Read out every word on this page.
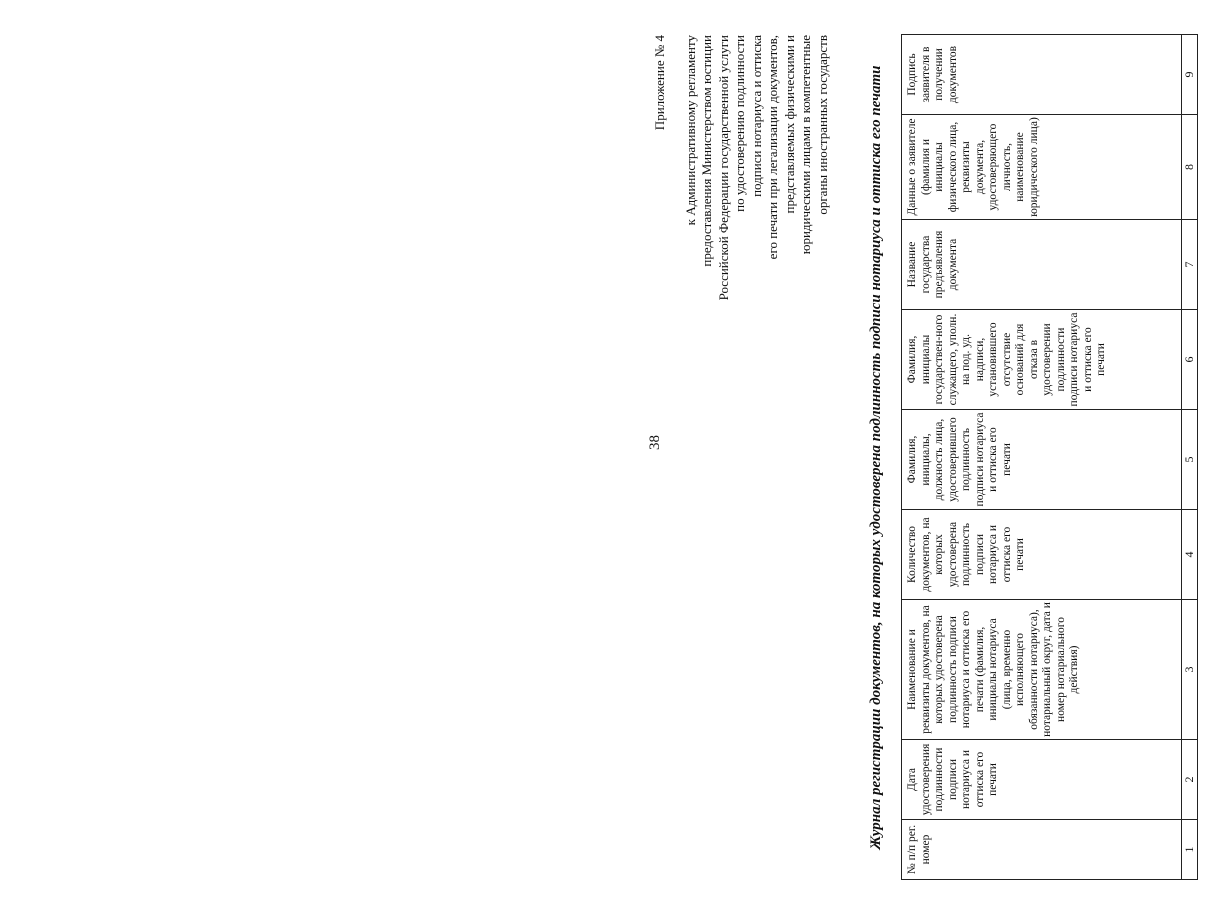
38
Приложение № 4 к Административному регламенту предоставления Министерством юстиции Российской Федерации государственной услуги по удостоверению подлинности подписи нотариуса и оттиска его печати при легализации документов, представляемых физическими и юридическими лицами в компетентные органы иностранных государств	Журнал регистрации документов, на которых удостоверена подлинность подписи нотариуса и оттиска его печати № п/п рег. номер	Дата удостоверения подлинности подписи нотариуса и оттиска его печати	Наименование и реквизиты документов, на которых удостоверена подлинность подписи нотариуса и оттиска его печати (фамилия, инициалы нотариуса (лица, временно исполняющего обязанности нотариуса), нотариальный округ, дата и номер нотариального действия)	Количество документов, на которых удостоверена подлинность подписи нотариуса и оттиска его печати	Фамилия, инициалы, должность лица, удостоверившего подлинность подписи нотариуса и оттиска его печати	Фамилия, инициалы государствен-ного служащего, уполн. на под. уд. надписи, установившего отсутствие оснований для отказа в удостоверении подлинности подписи нотариуса и оттиска его печати	Название государства предъявления документа	Данные о заявителе (фамилия и инициалы физического лица, реквизиты документа, удостоверяющего личность, наименование юридического лица)	Подпись заявителя в получении документов
1	2	3	4	5	6	7	8	9
